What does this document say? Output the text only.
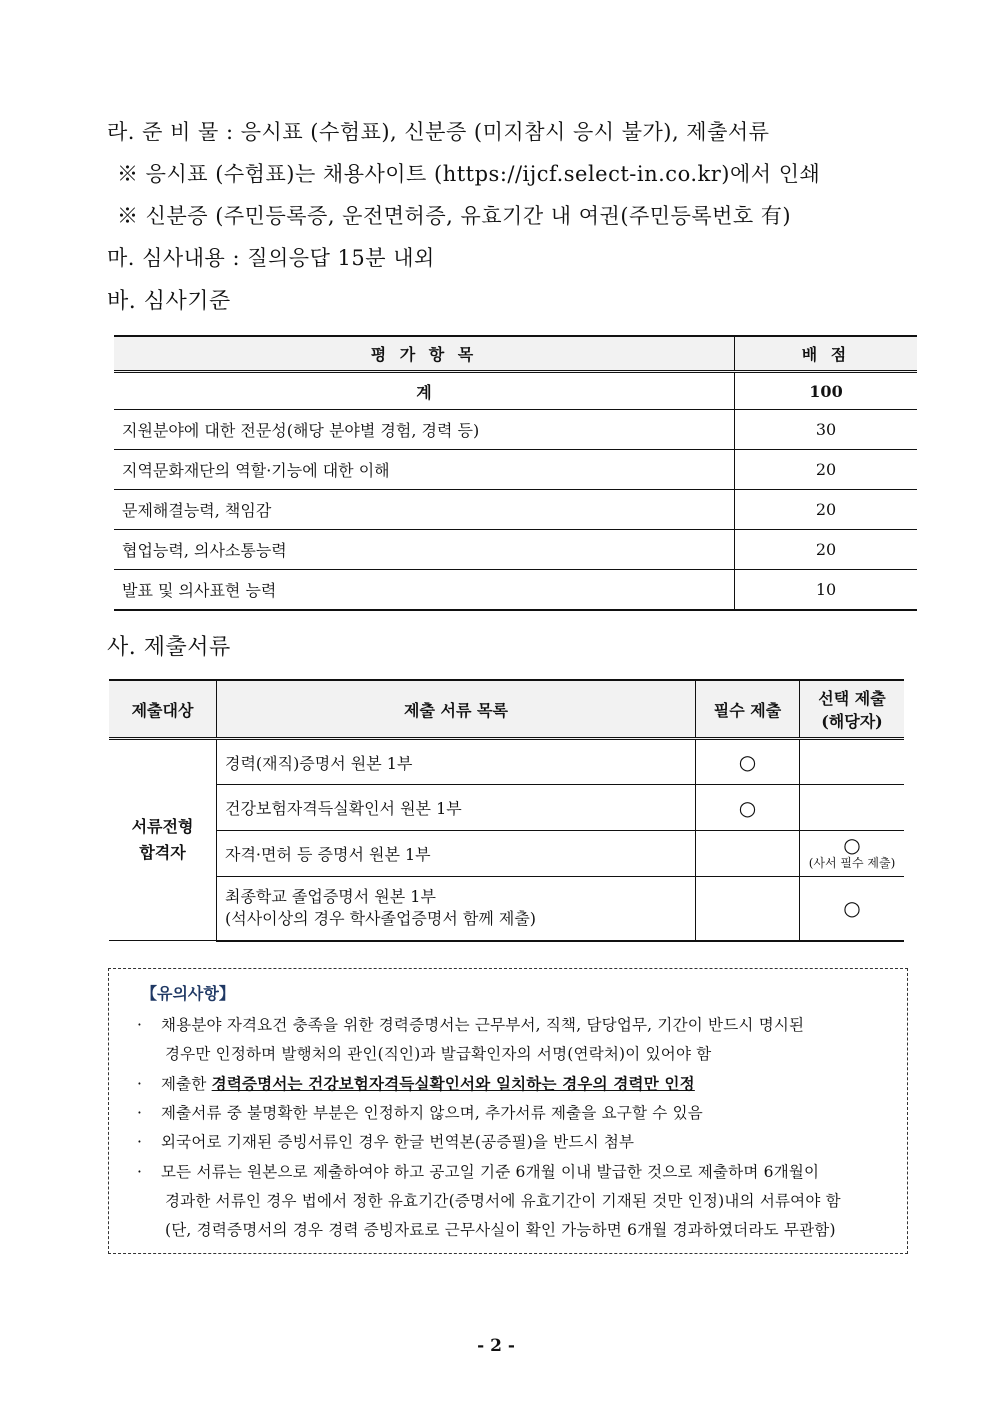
라. 준 비 물 : 응시표 (수험표), 신분증 (미지참시 응시 불가), 제출서류
※ 응시표 (수험표)는 채용사이트 (https://ijcf.select-in.co.kr)에서 인쇄
※ 신분증 (주민등록증, 운전면허증, 유효기간 내 여권(주민등록번호 有)
마. 심사내용 : 질의응답 15분 내외
바. 심사기준
평 가 항 목	배 점
계	100
지원분야에 대한 전문성(해당 분야별 경험, 경력 등)	30
지역문화재단의 역할·기능에 대한 이해	20
문제해결능력, 책임감	20
협업능력, 의사소통능력	20
발표 및 의사표현 능력	10
사. 제출서류
제출대상	제출 서류 목록	필수 제출	선택 제출
(해당자)
서류전형
합격자	경력(재직)증명서 원본 1부	○	
	건강보험자격득실확인서 원본 1부	○	
	자격·면허 등 증명서 원본 1부		○
(사서 필수 제출)

	최종학교 졸업증명서 원본 1부
(석사이상의 경우 학사졸업증명서 함께 제출)		○
【유의사항】
· 채용분야 자격요건 충족을 위한 경력증명서는 근무부서, 직책, 담당업무, 기간이 반드시 명시된
경우만 인정하며 발행처의 관인(직인)과 발급확인자의 서명(연락처)이 있어야 함
· 제출한 경력증명서는 건강보험자격득실확인서와 일치하는 경우의 경력만 인정
· 제출서류 중 불명확한 부분은 인정하지 않으며, 추가서류 제출을 요구할 수 있음
· 외국어로 기재된 증빙서류인 경우 한글 번역본(공증필)을 반드시 첨부
· 모든 서류는 원본으로 제출하여야 하고 공고일 기준 6개월 이내 발급한 것으로 제출하며 6개월이
경과한 서류인 경우 법에서 정한 유효기간(증명서에 유효기간이 기재된 것만 인정)내의 서류여야 함
(단, 경력증명서의 경우 경력 증빙자료로 근무사실이 확인 가능하면 6개월 경과하였더라도 무관함)
- 2 -
